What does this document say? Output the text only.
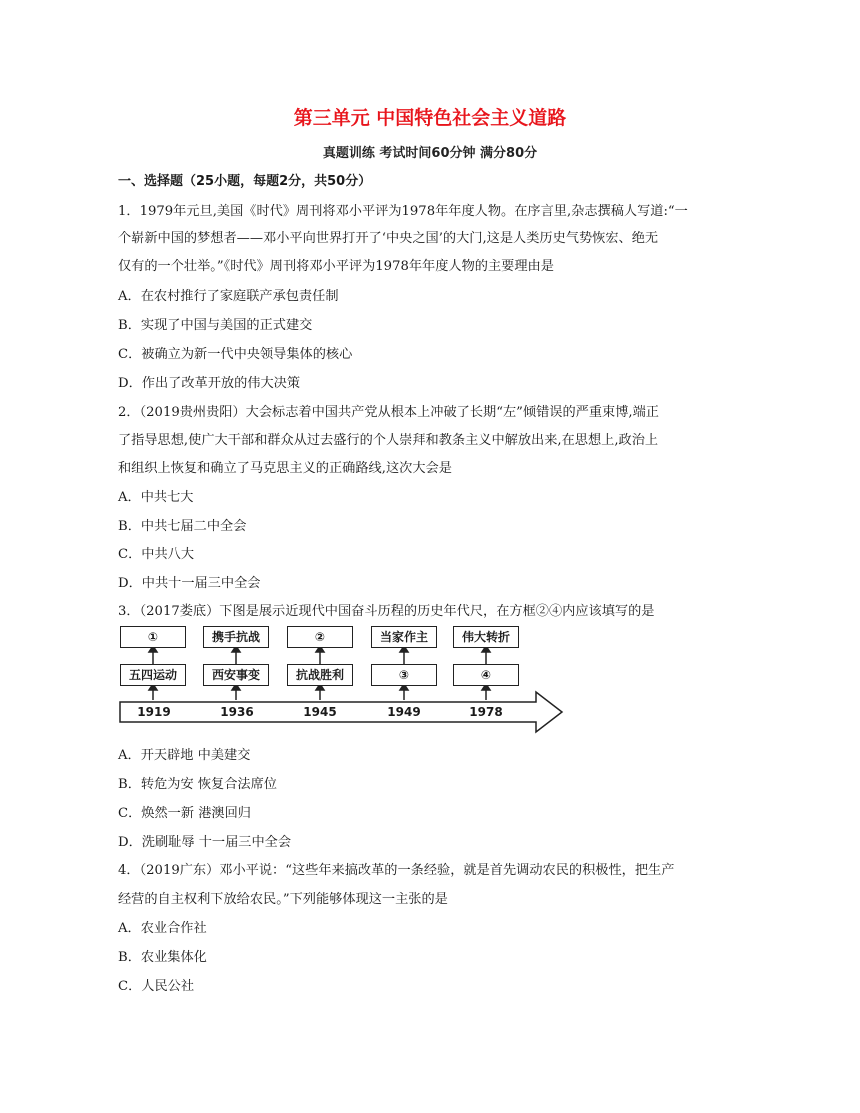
第三单元 中国特色社会主义道路
真题训练 考试时间60分钟 满分80分
一、选择题（25小题，每题2分，共50分）
1．1979年元旦,美国《时代》周刊将邓小平评为1978年年度人物。在序言里,杂志撰稿人写道:“一
个崭新中国的梦想者——邓小平向世界打开了‘中央之国’的大门,这是人类历史气势恢宏、绝无
仅有的一个壮举。”《时代》周刊将邓小平评为1978年年度人物的主要理由是
A．在农村推行了家庭联产承包责任制
B．实现了中国与美国的正式建交
C．被确立为新一代中央领导集体的核心
D．作出了改革开放的伟大决策
2．（2019贵州贵阳）大会标志着中国共产党从根本上冲破了长期“左”倾错误的严重束博,端正
了指导思想,使广大干部和群众从过去盛行的个人崇拜和教条主义中解放出来,在思想上,政治上
和组织上恢复和确立了马克思主义的正确路线,这次大会是
A．中共七大
B．中共七届二中全会
C．中共八大
D．中共十一届三中全会
3．（2017娄底）下图是展示近现代中国奋斗历程的历史年代尺，在方框②④内应该填写的是
①	携手抗战	②	当家作主	伟大转折
五四运动	西安事变	抗战胜利	③	④
1919	1936	1945	1949	1978
A．开天辟地 中美建交
B．转危为安 恢复合法席位
C．焕然一新 港澳回归
D．洗刷耻辱 十一届三中全会
4．（2019广东）邓小平说：“这些年来搞改革的一条经验，就是首先调动农民的积极性，把生产
经营的自主权利下放给农民。”下列能够体现这一主张的是
A．农业合作社
B．农业集体化
C．人民公社
